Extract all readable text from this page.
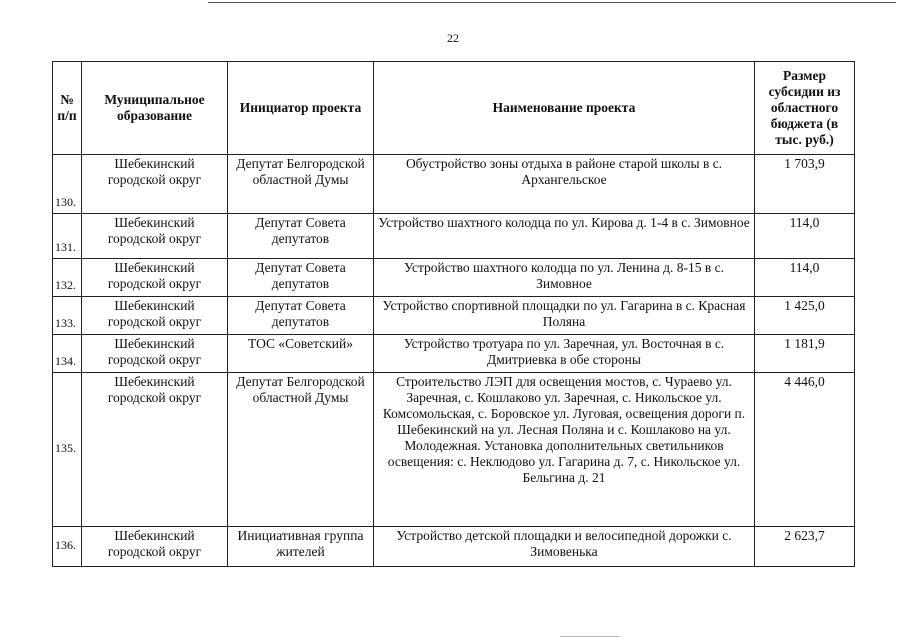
22
№ п/п	Муниципальное образование	Инициатор проекта	Наименование проекта	Размер субсидии из областного бюджета (в тыс. руб.)
130.	Шебекинский городской округ	Депутат Белгородской областной Думы	Обустройство зоны отдыха в районе старой школы в с. Архангельское	1 703,9
131.	Шебекинский городской округ	Депутат Совета депутатов	Устройство шахтного колодца по ул. Кирова д. 1-4 в с. Зимовное	114,0
132.	Шебекинский городской округ	Депутат Совета депутатов	Устройство шахтного колодца по ул. Ленина д. 8-15 в с. Зимовное	114,0
133.	Шебекинский городской округ	Депутат Совета депутатов	Устройство спортивной площадки по ул. Гагарина в с. Красная Поляна	1 425,0
134.	Шебекинский городской округ	ТОС «Советский»	Устройство тротуара по ул. Заречная, ул. Восточная в с. Дмитриевка в обе стороны	1 181,9
135.	Шебекинский городской округ	Депутат Белгородской областной Думы	Строительство ЛЭП для освещения мостов, с. Чураево ул. Заречная, с. Кошлаково ул. Заречная, с. Никольское ул. Комсомольская, с. Боровское ул. Луговая, освещения дороги п. Шебекинский на ул. Лесная Поляна и с. Кошлаково на ул. Молодежная. Установка дополнительных светильников освещения: с. Неклюдово ул. Гагарина д. 7, с. Никольское ул. Бельгина д. 21	4 446,0
136.	Шебекинский городской округ	Инициативная группа жителей	Устройство детской площадки и велосипедной дорожки с. Зимовенька	2 623,7
